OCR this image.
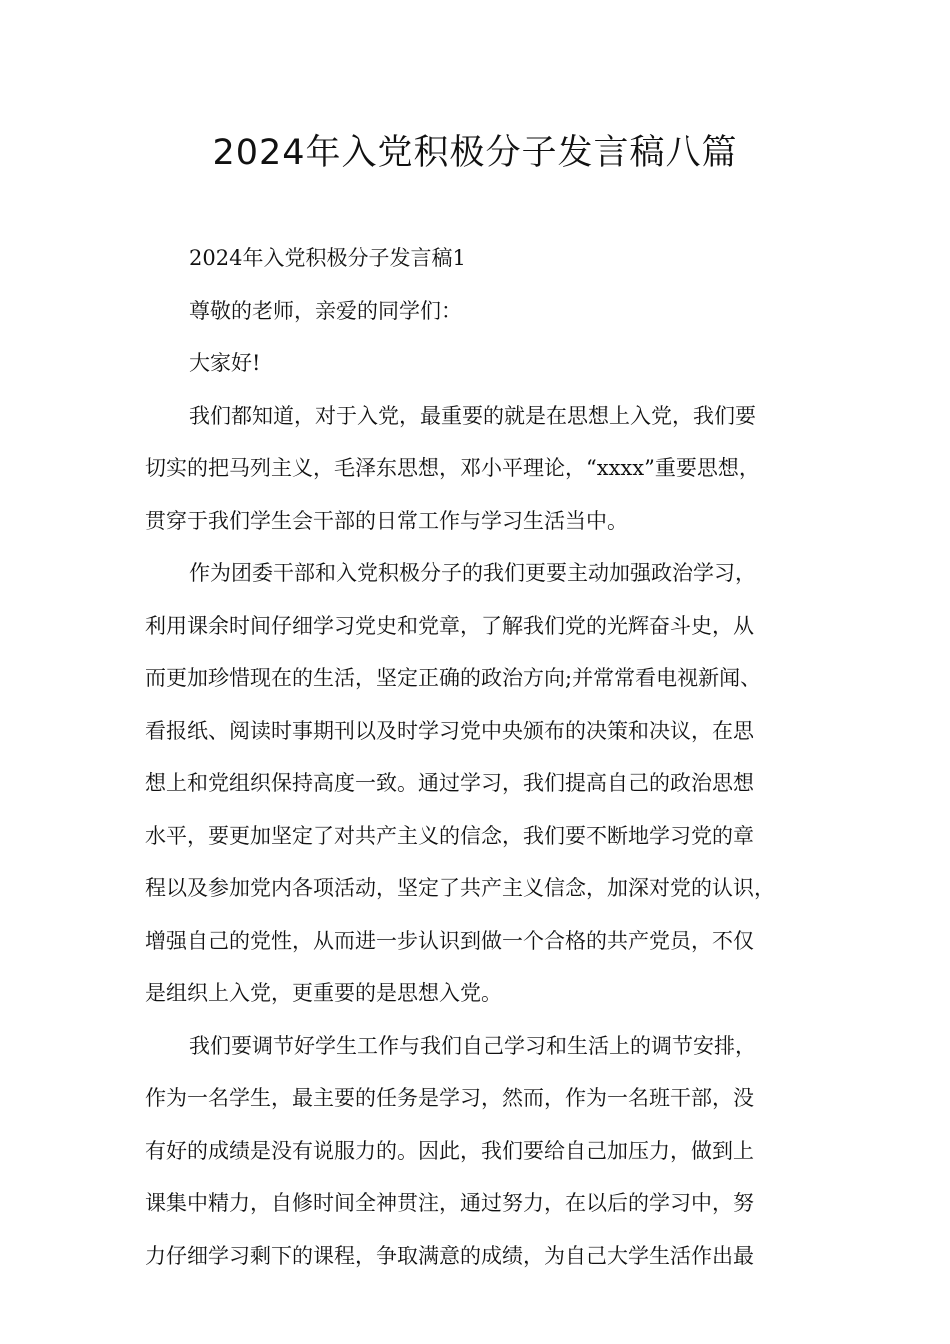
2024年入党积极分子发言稿八篇
2024年入党积极分子发言稿1
尊敬的老师，亲爱的同学们：
大家好!
我们都知道，对于入党，最重要的就是在思想上入党，我们要
切实的把马列主义，毛泽东思想，邓小平理论，“xxxx”重要思想，
贯穿于我们学生会干部的日常工作与学习生活当中。
作为团委干部和入党积极分子的我们更要主动加强政治学习，
利用课余时间仔细学习党史和党章，了解我们党的光辉奋斗史，从
而更加珍惜现在的生活，坚定正确的政治方向;并常常看电视新闻、
看报纸、阅读时事期刊以及时学习党中央颁布的决策和决议，在思
想上和党组织保持高度一致。通过学习，我们提高自己的政治思想
水平，要更加坚定了对共产主义的信念，我们要不断地学习党的章
程以及参加党内各项活动，坚定了共产主义信念，加深对党的认识，
增强自己的党性，从而进一步认识到做一个合格的共产党员，不仅
是组织上入党，更重要的是思想入党。
我们要调节好学生工作与我们自己学习和生活上的调节安排，
作为一名学生，最主要的任务是学习，然而，作为一名班干部，没
有好的成绩是没有说服力的。因此，我们要给自己加压力，做到上
课集中精力，自修时间全神贯注，通过努力，在以后的学习中，努
力仔细学习剩下的课程，争取满意的成绩，为自己大学生活作出最
